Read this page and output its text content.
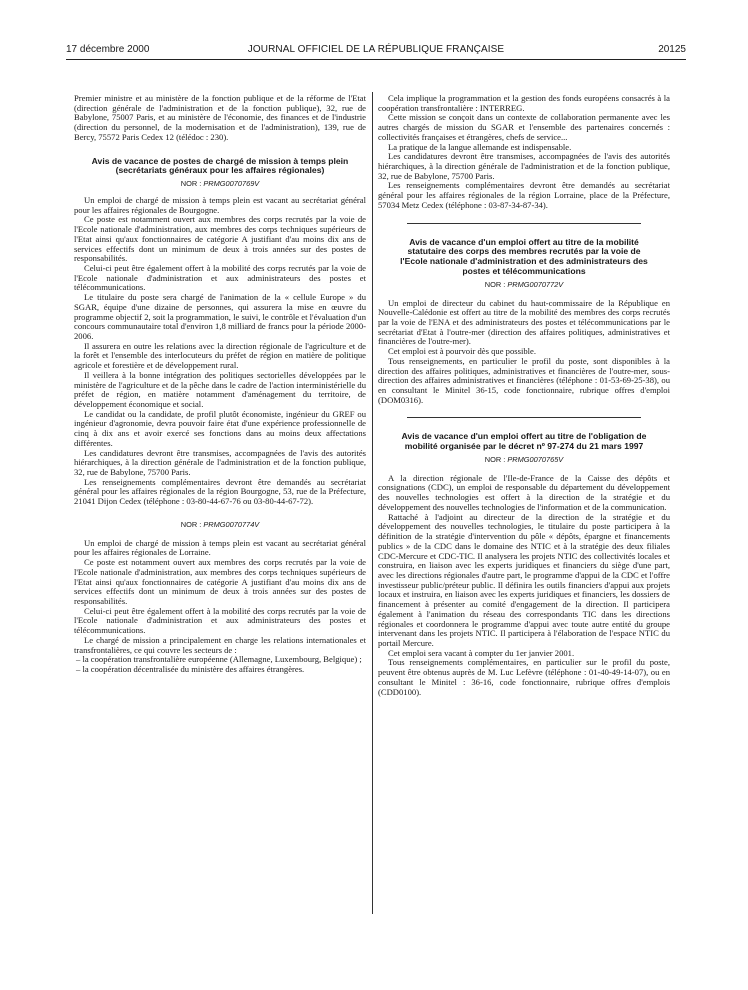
17 décembre 2000	JOURNAL OFFICIEL DE LA RÉPUBLIQUE FRANÇAISE	20125

Premier ministre et au ministère de la fonction publique et de la réforme de l'Etat (direction générale de l'administration et de la fonction publique), 32, rue de Babylone, 75007 Paris, et au ministère de l'économie, des finances et de l'industrie (direction du personnel, de la modernisation et de l'administration), 139, rue de Bercy, 75572 Paris Cedex 12 (télédoc : 230).

Avis de vacance de postes de chargé de mission à temps plein (secrétariats généraux pour les affaires régionales)

NOR : PRMG0070769V

Un emploi de chargé de mission à temps plein est vacant au secrétariat général pour les affaires régionales de Bourgogne.

Ce poste est notamment ouvert aux membres des corps recrutés par la voie de l'Ecole nationale d'administration, aux membres des corps techniques supérieurs de l'Etat ainsi qu'aux fonctionnaires de catégorie A justifiant d'au moins dix ans de services effectifs dont un minimum de deux à trois années sur des postes de responsabilités.

Celui-ci peut être également offert à la mobilité des corps recrutés par la voie de l'Ecole nationale d'administration et aux administrateurs des postes et télécommunications.

Le titulaire du poste sera chargé de l'animation de la « cellule Europe » du SGAR, équipe d'une dizaine de personnes, qui assurera la mise en œuvre du programme objectif 2, soit la programmation, le suivi, le contrôle et l'évaluation d'un concours communautaire total d'environ 1,8 milliard de francs pour la période 2000-2006.

Il assurera en outre les relations avec la direction régionale de l'agriculture et de la forêt et l'ensemble des interlocuteurs du préfet de région en matière de politique agricole et forestière et de développement rural.

Il veillera à la bonne intégration des politiques sectorielles développées par le ministère de l'agriculture et de la pêche dans le cadre de l'action interministérielle du préfet de région, en matière notamment d'aménagement du territoire, de développement économique et social.

Le candidat ou la candidate, de profil plutôt économiste, ingénieur du GREF ou ingénieur d'agronomie, devra pouvoir faire état d'une expérience professionnelle de cinq à dix ans et avoir exercé ses fonctions dans au moins deux affectations différentes.

Les candidatures devront être transmises, accompagnées de l'avis des autorités hiérarchiques, à la direction générale de l'administration et de la fonction publique, 32, rue de Babylone, 75700 Paris.

Les renseignements complémentaires devront être demandés au secrétariat général pour les affaires régionales de la région Bourgogne, 53, rue de la Préfecture, 21041 Dijon Cedex (téléphone : 03-80-44-67-76 ou 03-80-44-67-72).

NOR : PRMG0070774V

Un emploi de chargé de mission à temps plein est vacant au secrétariat général pour les affaires régionales de Lorraine.

Ce poste est notamment ouvert aux membres des corps recrutés par la voie de l'Ecole nationale d'administration, aux membres des corps techniques supérieurs de l'Etat ainsi qu'aux fonctionnaires de catégorie A justifiant d'au moins dix ans de services effectifs dont un minimum de deux à trois années sur des postes de responsabilités.

Celui-ci peut être également offert à la mobilité des corps recrutés par la voie de l'Ecole nationale d'administration et aux administrateurs des postes et télécommunications.

Le chargé de mission a principalement en charge les relations internationales et transfrontalières, ce qui couvre les secteurs de :

– la coopération transfrontalière européenne (Allemagne, Luxembourg, Belgique) ;
– la coopération décentralisée du ministère des affaires étrangères.

Cela implique la programmation et la gestion des fonds européens consacrés à la coopération transfrontalière : INTERREG.

Cette mission se conçoit dans un contexte de collaboration permanente avec les autres chargés de mission du SGAR et l'ensemble des partenaires concernés : collectivités françaises et étrangères, chefs de service...

La pratique de la langue allemande est indispensable.

Les candidatures devront être transmises, accompagnées de l'avis des autorités hiérarchiques, à la direction générale de l'administration et de la fonction publique, 32, rue de Babylone, 75700 Paris.

Les renseignements complémentaires devront être demandés au secrétariat général pour les affaires régionales de la région Lorraine, place de la Préfecture, 57034 Metz Cedex (téléphone : 03-87-34-87-34).

Avis de vacance d'un emploi offert au titre de la mobilité statutaire des corps des membres recrutés par la voie de l'Ecole nationale d'administration et des administrateurs des postes et télécommunications

NOR : PRMG0070772V

Un emploi de directeur du cabinet du haut-commissaire de la République en Nouvelle-Calédonie est offert au titre de la mobilité des membres des corps recrutés par la voie de l'ENA et des administrateurs des postes et télécommunications par le secrétariat d'Etat à l'outre-mer (direction des affaires politiques, administratives et financières de l'outre-mer).

Cet emploi est à pourvoir dès que possible.

Tous renseignements, en particulier le profil du poste, sont disponibles à la direction des affaires politiques, administratives et financières de l'outre-mer, sous-direction des affaires administratives et financières (téléphone : 01-53-69-25-38), ou en consultant le Minitel 36-15, code fonctionnaire, rubrique offres d'emploi (DOM0316).

Avis de vacance d'un emploi offert au titre de l'obligation de mobilité organisée par le décret nº 97-274 du 21 mars 1997

NOR : PRMG0070765V

A la direction régionale de l'Ile-de-France de la Caisse des dépôts et consignations (CDC), un emploi de responsable du département du développement des nouvelles technologies est offert à la direction de la stratégie et du développement des nouvelles technologies de l'information et de la communication.

Rattaché à l'adjoint au directeur de la direction de la stratégie et du développement des nouvelles technologies, le titulaire du poste participera à la définition de la stratégie d'intervention du pôle « dépôts, épargne et financements publics » de la CDC dans le domaine des NTIC et à la stratégie des deux filiales CDC-Mercure et CDC-TIC. Il analysera les projets NTIC des collectivités locales et construira, en liaison avec les experts juridiques et financiers du siège d'une part, avec les directions régionales d'autre part, le programme d'appui de la CDC et l'offre investisseur public/préteur public. Il définira les outils financiers d'appui aux projets locaux et instruira, en liaison avec les experts juridiques et financiers, les dossiers de financement à présenter au comité d'engagement de la direction. Il participera également à l'animation du réseau des correspondants TIC dans les directions régionales et coordonnera le programme d'appui avec toute autre entité du groupe intervenant dans les projets NTIC. Il participera à l'élaboration de l'espace NTIC du portail Mercure.

Cet emploi sera vacant à compter du 1er janvier 2001.

Tous renseignements complémentaires, en particulier sur le profil du poste, peuvent être obtenus auprès de M. Luc Lefèvre (téléphone : 01-40-49-14-07), ou en consultant le Minitel : 36-16, code fonctionnaire, rubrique offres d'emplois (CDD0100).
